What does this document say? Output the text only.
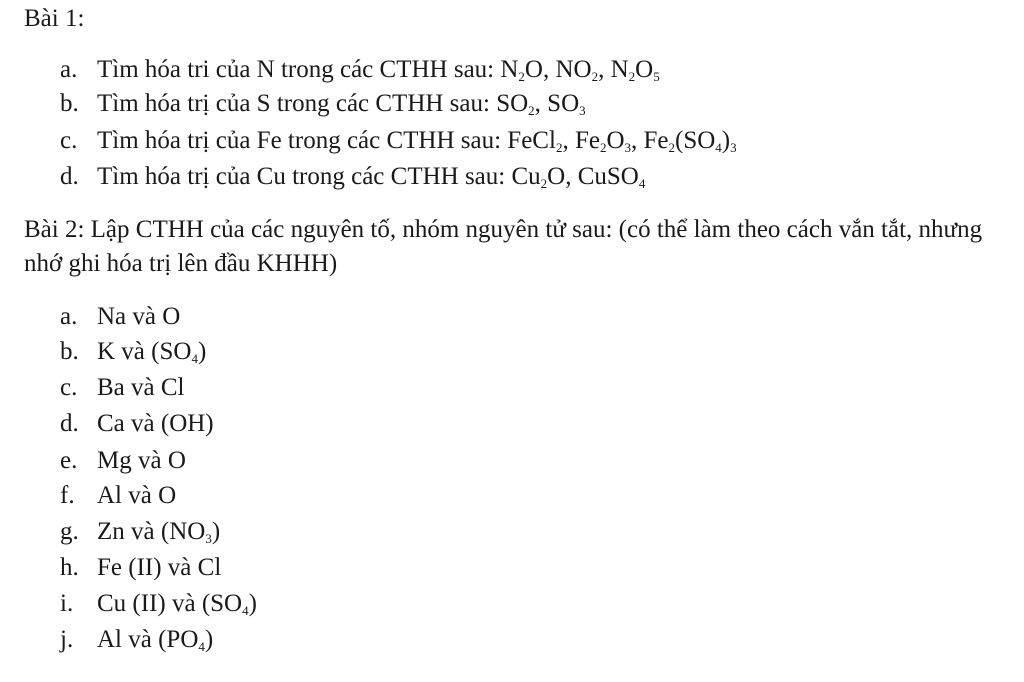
Bài 1:
a. Tìm hóa tri của N trong các CTHH sau: $N_2O$, $NO_2$, $N_2O_5$
b. Tìm hóa trị của S trong các CTHH sau: $SO_2$, $SO_3$
c. Tìm hóa trị của Fe trong các CTHH sau: FeCl$_2$, $Fe_2O_3$, $Fe_2(SO_4)_3$
d. Tìm hóa trị của Cu trong các CTHH sau: $Cu_2O$, CuSO$_4$
Bài 2: Lập CTHH của các nguyên tố, nhóm nguyên tử sau: (có thể làm theo cách vắn tắt, nhưng nhớ ghi hóa trị lên đầu KHHH)
a. Na và O
b. K và $(SO_4)$
c. Ba và Cl
d. Ca và (OH)
e. Mg và O
f. Al và O
g. Zn và $(NO_3)$
h. Fe (II) và Cl
i. Cu (II) và $(SO_4)$
j. Al và $(PO_4)$
